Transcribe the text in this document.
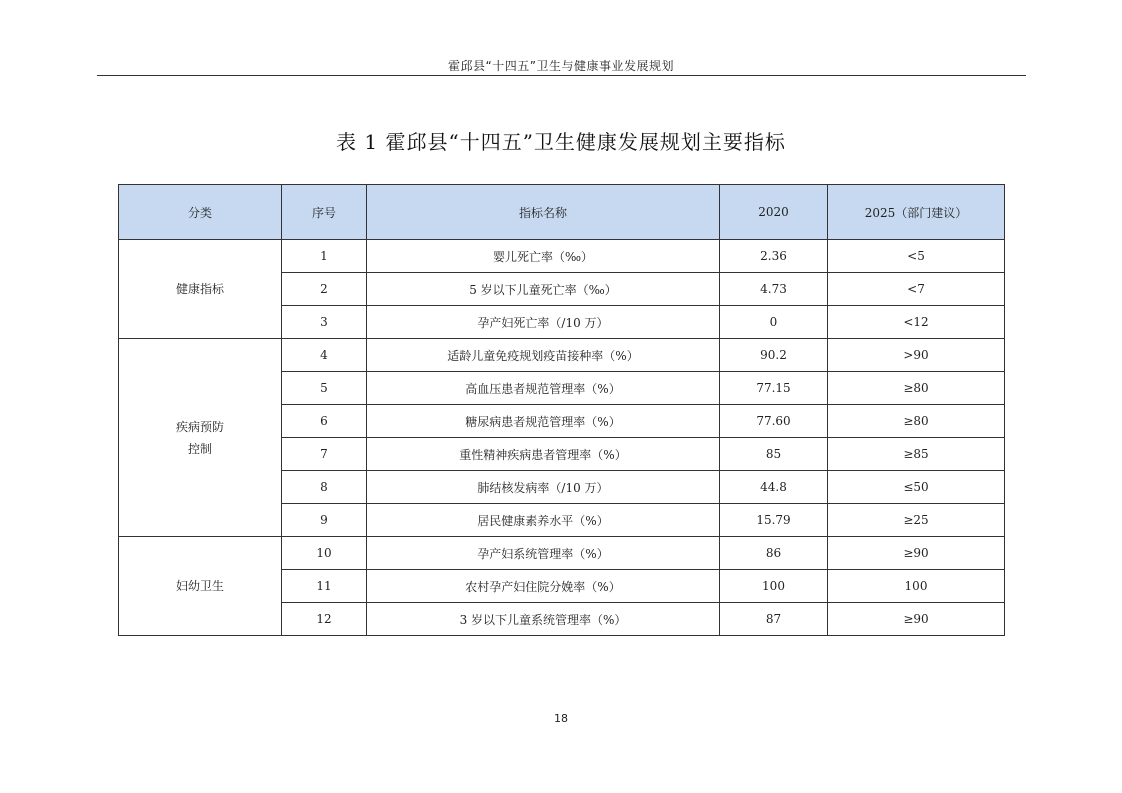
霍邱县“十四五”卫生与健康事业发展规划
表 1 霍邱县“十四五”卫生健康发展规划主要指标
分类	序号	指标名称	2020	2025（部门建议）

健康指标	1	婴儿死亡率（‰）	2.36	<5
	2	5 岁以下儿童死亡率（‰）	4.73	<7
	3	孕产妇死亡率（/10 万）	0	<12

疾病预防
控制	4	适龄儿童免疫规划疫苗接种率（%）	90.2	>90
	5	高血压患者规范管理率（%）	77.15	≥80
	6	糖尿病患者规范管理率（%）	77.60	≥80
	7	重性精神疾病患者管理率（%）	85	≥85
	8	肺结核发病率（/10 万）	44.8	≤50
	9	居民健康素养水平（%）	15.79	≥25

妇幼卫生	10	孕产妇系统管理率（%）	86	≥90
	11	农村孕产妇住院分娩率（%）	100	100
	12	3 岁以下儿童系统管理率（%）	87	≥90
18
